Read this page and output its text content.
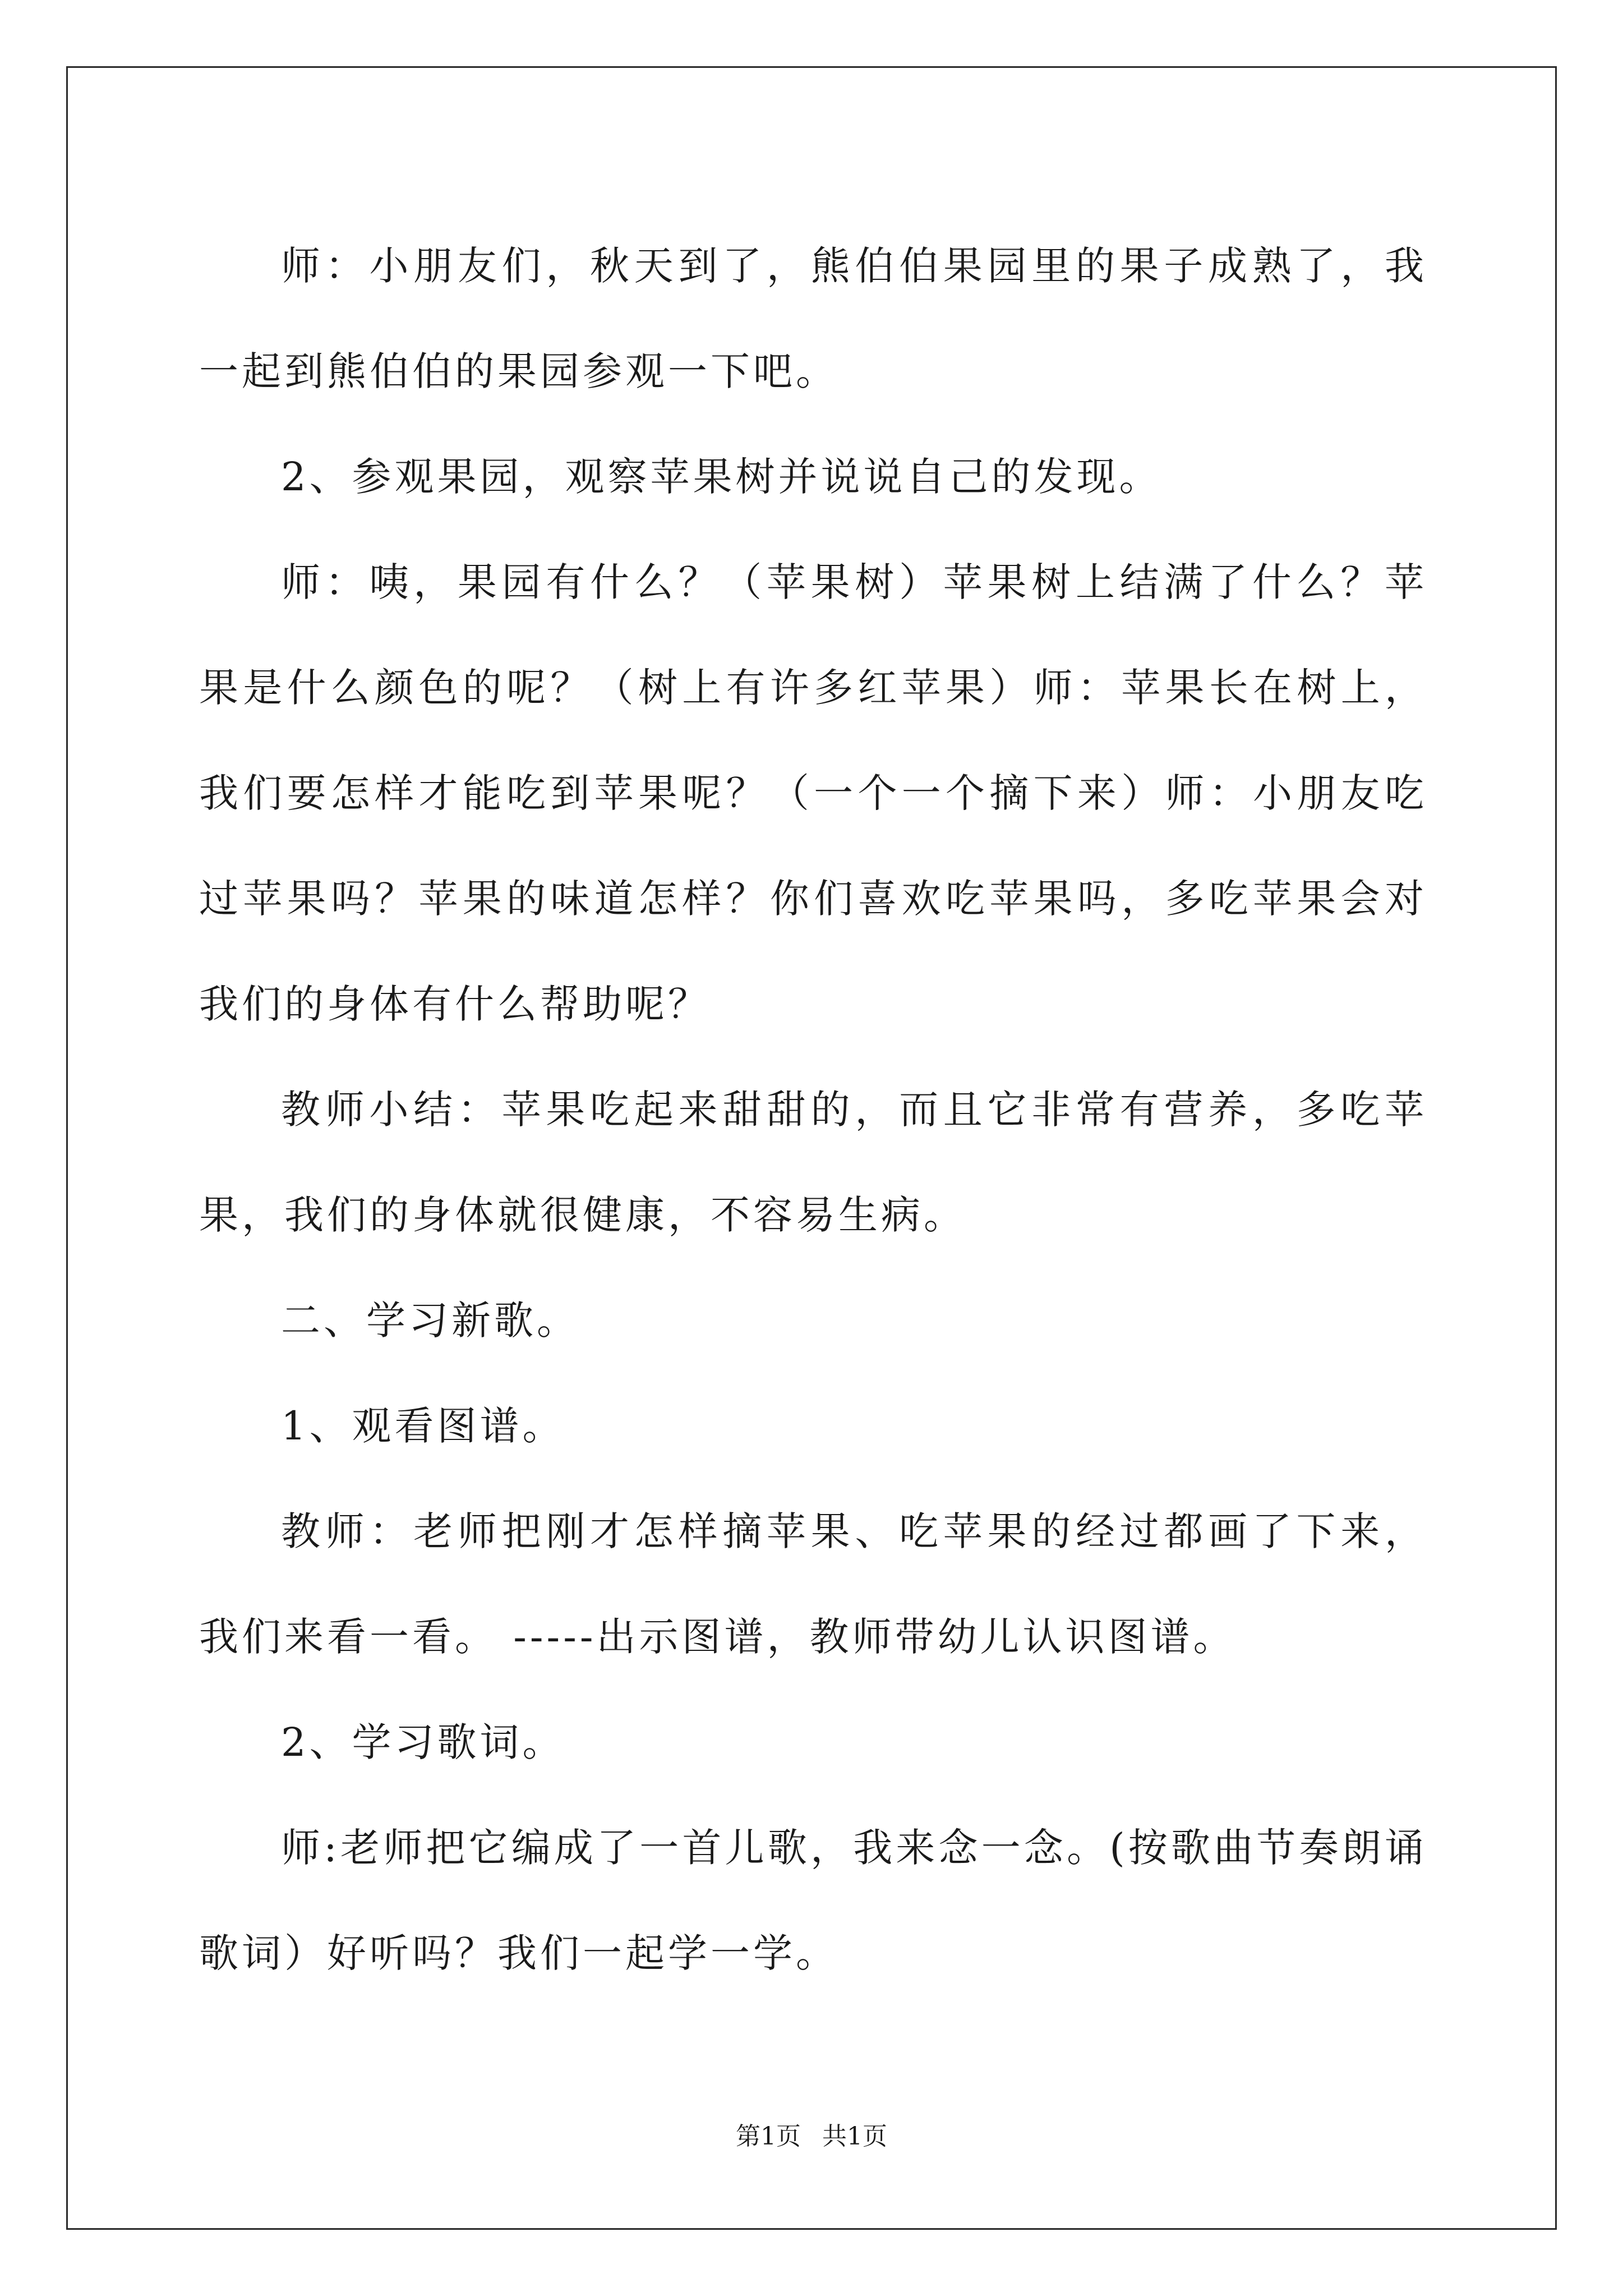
师：小朋友们，秋天到了，熊伯伯果园里的果子成熟了，我一起到熊伯伯的果园参观一下吧。

2、参观果园，观察苹果树并说说自己的发现。

师：咦，果园有什么？（苹果树）苹果树上结满了什么？苹果是什么颜色的呢？（树上有许多红苹果）师：苹果长在树上，我们要怎样才能吃到苹果呢？（一个一个摘下来）师：小朋友吃过苹果吗？苹果的味道怎样？你们喜欢吃苹果吗，多吃苹果会对我们的身体有什么帮助呢？

教师小结：苹果吃起来甜甜的，而且它非常有营养，多吃苹果，我们的身体就很健康，不容易生病。

二、学习新歌。

1、观看图谱。

教师：老师把刚才怎样摘苹果、吃苹果的经过都画了下来，我们来看一看。 -----出示图谱，教师带幼儿认识图谱。

2、学习歌词。

师:老师把它编成了一首儿歌，我来念一念。(按歌曲节奏朗诵歌词）好听吗？我们一起学一学。

第1页 共1页
